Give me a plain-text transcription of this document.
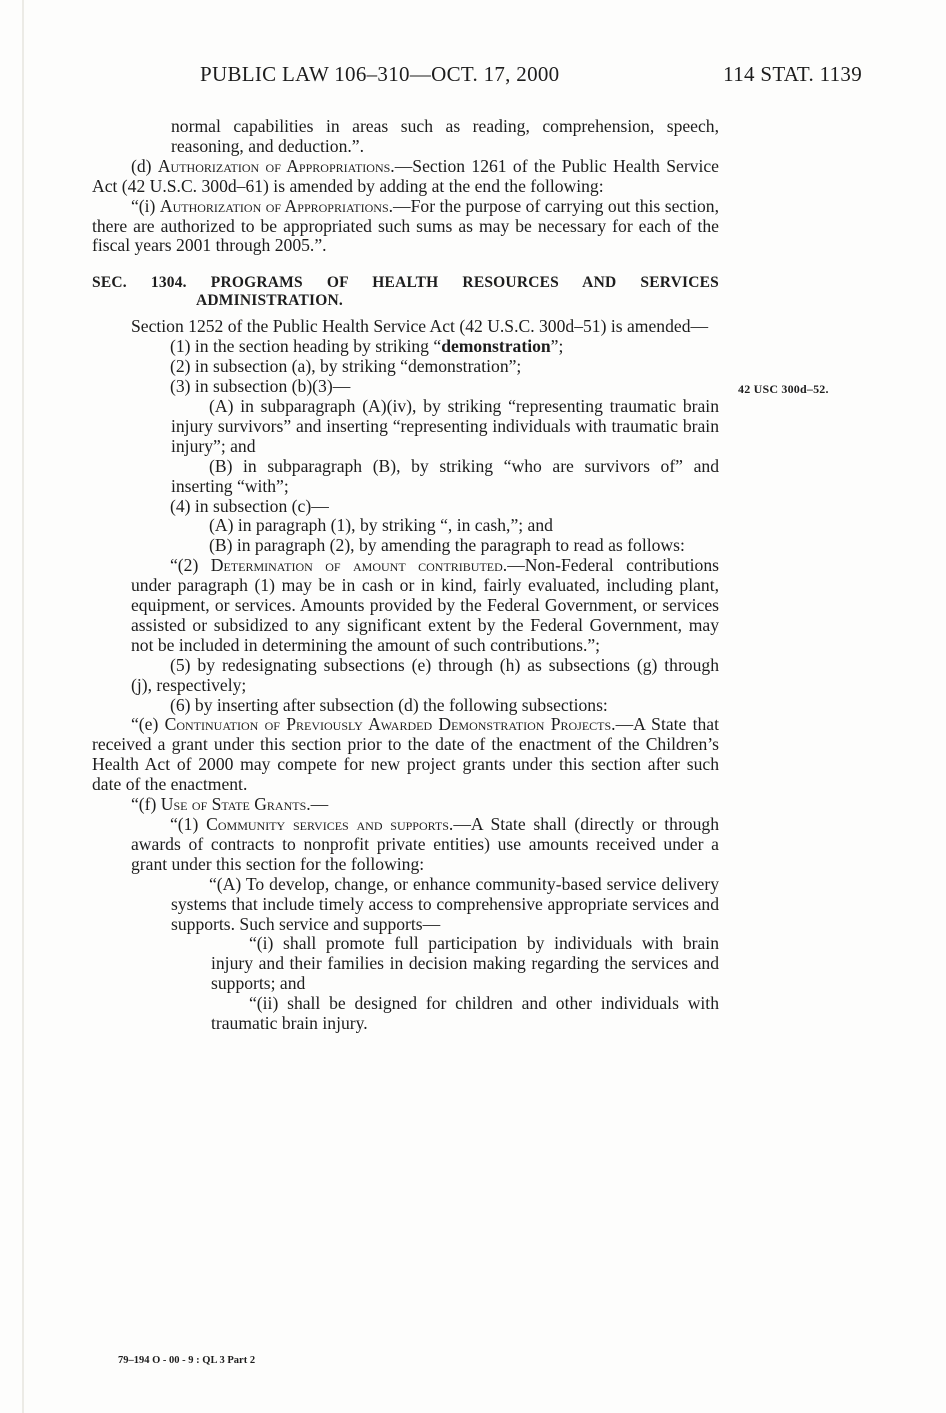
PUBLIC LAW 106–310—OCT. 17, 2000	114 STAT. 1139
42 USC 300d–52.

normal capabilities in areas such as reading, comprehension, speech, reasoning, and deduction.”.

(d) Authorization of Appropriations.—Section 1261 of the Public Health Service Act (42 U.S.C. 300d–61) is amended by adding at the end the following:

“(i) Authorization of Appropriations.—For the purpose of carrying out this section, there are authorized to be appropriated such sums as may be necessary for each of the fiscal years 2001 through 2005.”.

SEC. 1304. PROGRAMS OF HEALTH RESOURCES AND SERVICES ADMINISTRATION.

Section 1252 of the Public Health Service Act (42 U.S.C. 300d–51) is amended—

(1) in the section heading by striking “demonstration”;

(2) in subsection (a), by striking “demonstration”;

(3) in subsection (b)(3)—

(A) in subparagraph (A)(iv), by striking “representing traumatic brain injury survivors” and inserting “representing individuals with traumatic brain injury”; and

(B) in subparagraph (B), by striking “who are survivors of” and inserting “with”;

(4) in subsection (c)—

(A) in paragraph (1), by striking “, in cash,”; and

(B) in paragraph (2), by amending the paragraph to read as follows:

“(2) Determination of amount contributed.—Non-Federal contributions under paragraph (1) may be in cash or in kind, fairly evaluated, including plant, equipment, or services. Amounts provided by the Federal Government, or services assisted or subsidized to any significant extent by the Federal Government, may not be included in determining the amount of such contributions.”;

(5) by redesignating subsections (e) through (h) as subsections (g) through (j), respectively;

(6) by inserting after subsection (d) the following subsections:

“(e) Continuation of Previously Awarded Demonstration Projects.—A State that received a grant under this section prior to the date of the enactment of the Children’s Health Act of 2000 may compete for new project grants under this section after such date of the enactment.

“(f) Use of State Grants.—

“(1) Community services and supports.—A State shall (directly or through awards of contracts to nonprofit private entities) use amounts received under a grant under this section for the following:

“(A) To develop, change, or enhance community-based service delivery systems that include timely access to comprehensive appropriate services and supports. Such service and supports—

“(i) shall promote full participation by individuals with brain injury and their families in decision making regarding the services and supports; and

“(ii) shall be designed for children and other individuals with traumatic brain injury.

79–194 O - 00 - 9 : QL 3 Part 2
